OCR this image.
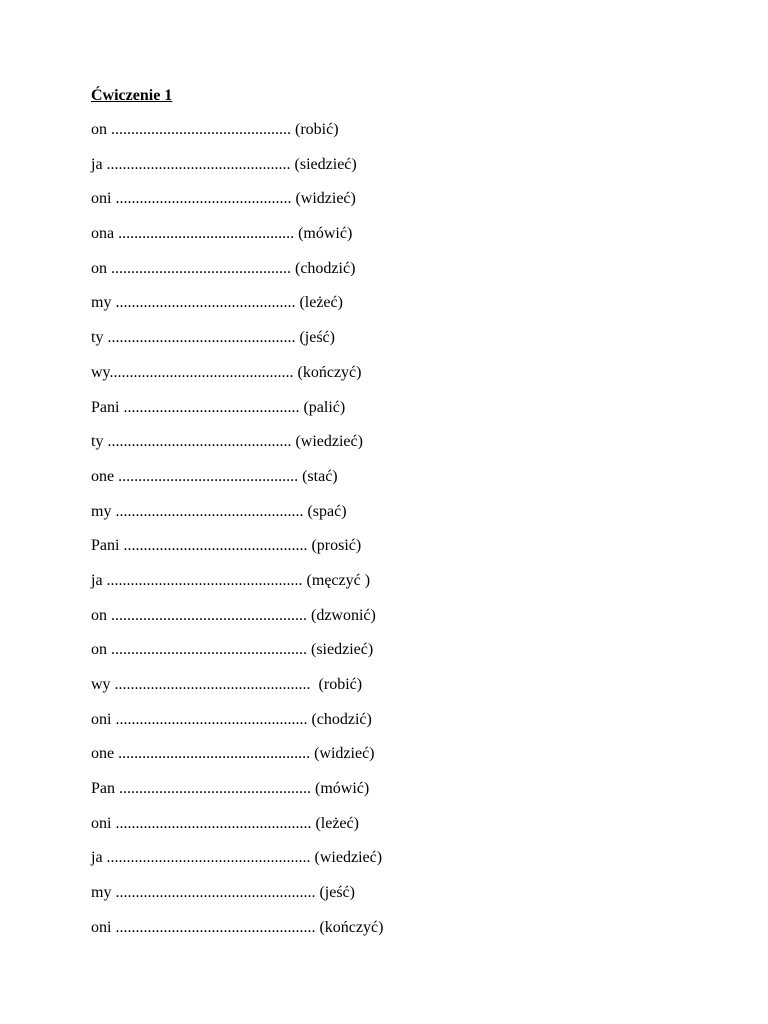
Ćwiczenie 1
on ............................................. (robić)
ja .............................................. (siedzieć)
oni ............................................ (widzieć)
ona ............................................ (mówić)
on ............................................. (chodzić)
my ............................................. (leżeć)
ty ............................................... (jeść)
wy.............................................. (kończyć)
Pani ............................................ (palić)
ty .............................................. (wiedzieć)
one ............................................. (stać)
my ............................................... (spać)
Pani .............................................. (prosić)
ja ................................................. (męczyć )
on ................................................. (dzwonić)
on ................................................. (siedzieć)
wy .................................................  (robić)
oni ................................................ (chodzić)
one ................................................ (widzieć)
Pan ................................................ (mówić)
oni ................................................. (leżeć)
ja ................................................... (wiedzieć)
my .................................................. (jeść)
oni .................................................. (kończyć)
